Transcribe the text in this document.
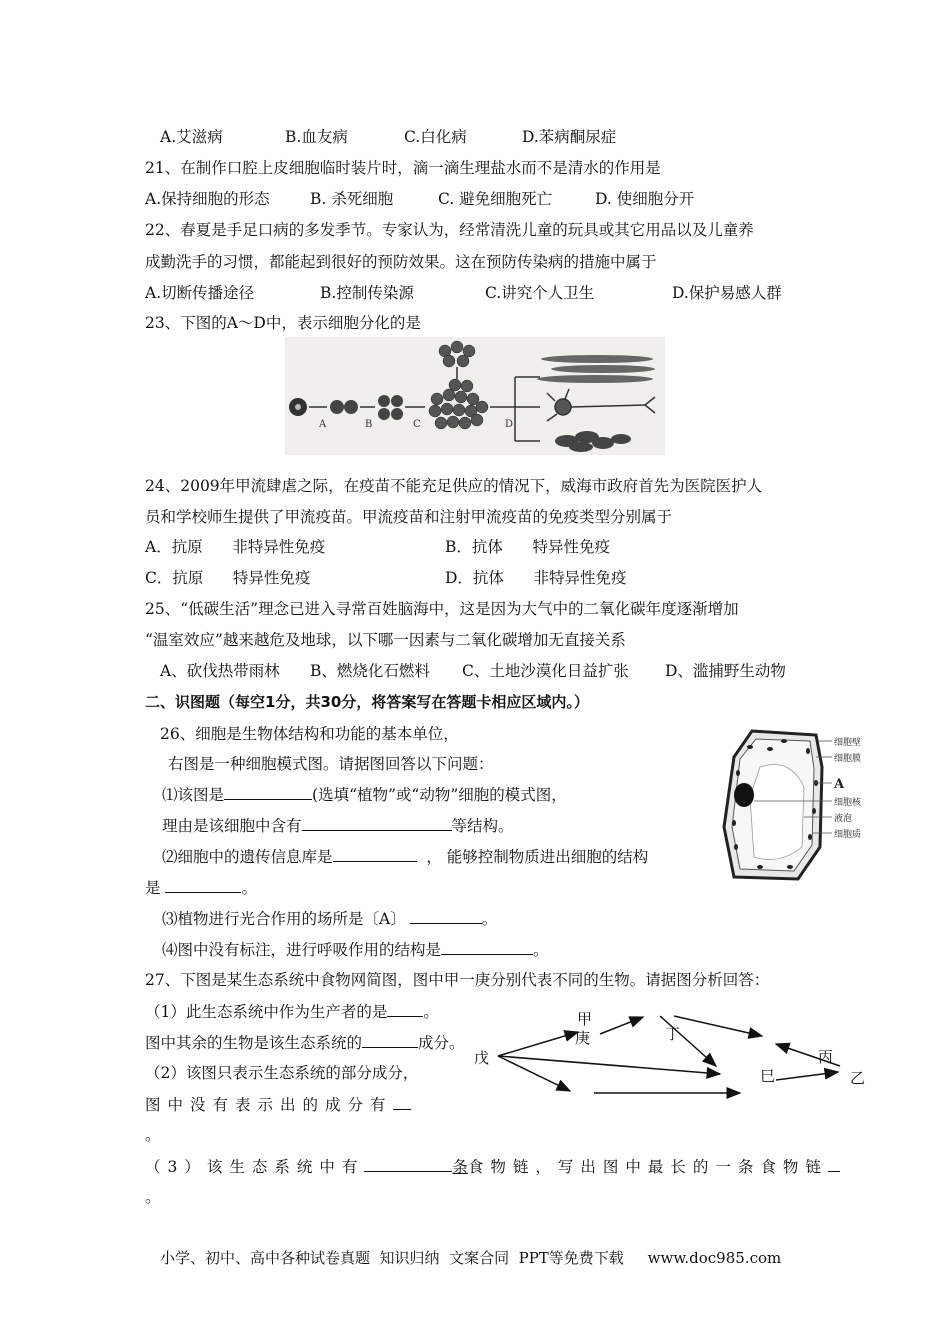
A.艾滋病	B.血友病	C.白化病	D.苯病酮尿症
21、在制作口腔上皮细胞临时装片时，滴一滴生理盐水而不是清水的作用是
A.保持细胞的形态	B. 杀死细胞	C. 避免细胞死亡	D. 使细胞分开
22、春夏是手足口病的多发季节。专家认为，经常清洗儿童的玩具或其它用品以及儿童养
成勤洗手的习惯，都能起到很好的预防效果。这在预防传染病的措施中属于
A.切断传播途径	B.控制传染源	C.讲究个人卫生	D.保护易感人群
23、下图的A～D中，表示细胞分化的是
A	B	C	D
24、2009年甲流肆虐之际，在疫苗不能充足供应的情况下，威海市政府首先为医院医护人
员和学校师生提供了甲流疫苗。甲流疫苗和注射甲流疫苗的免疫类型分别属于
A．抗原      非特异性免疫	B．抗体      特异性免疫
C．抗原      特异性免疫	D．抗体      非特异性免疫
25、“低碳生活”理念已进入寻常百姓脑海中，这是因为大气中的二氧化碳年度逐渐增加
“温室效应”越来越危及地球，以下哪一因素与二氧化碳增加无直接关系
A、砍伐热带雨林 B、燃烧化石燃料 C、土地沙漠化日益扩张 D、滥捕野生动物
二、识图题（每空1分，共30分，将答案写在答题卡相应区域内。）
26、细胞是生物体结构和功能的基本单位，
右图是一种细胞模式图。请据图回答以下问题：
⑴该图是	(选填“植物”或“动物”细胞的模式图，
理由是该细胞中含有	等结构。
⑵细胞中的遗传信息库是	， 能够控制物质进出细胞的结构
是	。
⑶植物进行光合作用的场所是〔A〕	。
⑷图中没有标注，进行呼吸作用的结构是	。
细胞壁
细胞膜
A
细胞核
液泡
细胞质
27、下图是某生态系统中食物网简图，图中甲一庚分别代表不同的生物。请据图分析回答：
（1）此生态系统中作为生产者的是 。
图中其余的生物是该生态系统的	成分。
（2）该图只表示生态系统的部分成分，
图中没有表示出的成分有
。
（3）该生态系统中有	条食物链，写出图中最长的一条食物链
。
甲
庚	丁
丙
戊
巳	乙
小学、初中、高中各种试卷真题  知识归纳  文案合同  PPT等免费下载     www.doc985.com
